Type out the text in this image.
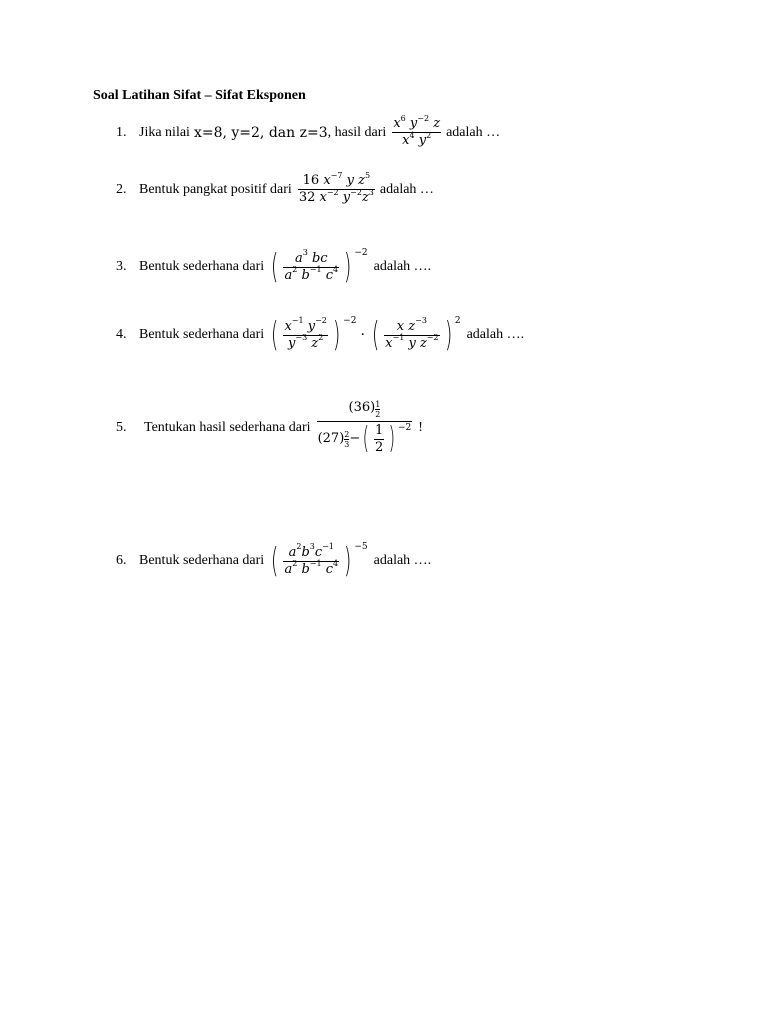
Soal Latihan Sifat – Sifat Eksponen
1. Jika nilai x=8, y=2, dan z=3 , hasil dari $\frac{x^6 y^{-2} z}{x^4 y^2}$ adalah …
2. Bentuk pangkat positif dari $\frac{16 x^{-7} y z^5}{32 x^{-2} y^{-2}z^3}$ adalah …
3. Bentuk sederhana dari ( $\frac{a^3 bc}{a^2 b^{-1} c^4}$ ) −2
adalah ….
4. Bentuk sederhana dari ( $\frac{x^{-1} y^{-2}}{y^{-3} z^2}$ ) −2
· ( $\frac{x z^{-3}}{x^{-1} y z^{-2}}$ ) 2
adalah ….
5.	Tentukan hasil sederhana dari $\frac{(36) \frac{1}{2}}{(27) \frac{2}{3} - ( \frac{1}{2} ) -2}$ !
6. Bentuk sederhana dari ( $\frac{a^2b^3c^{-1}}{a^2 b^{-1} c^4}$ ) −5
adalah ….
